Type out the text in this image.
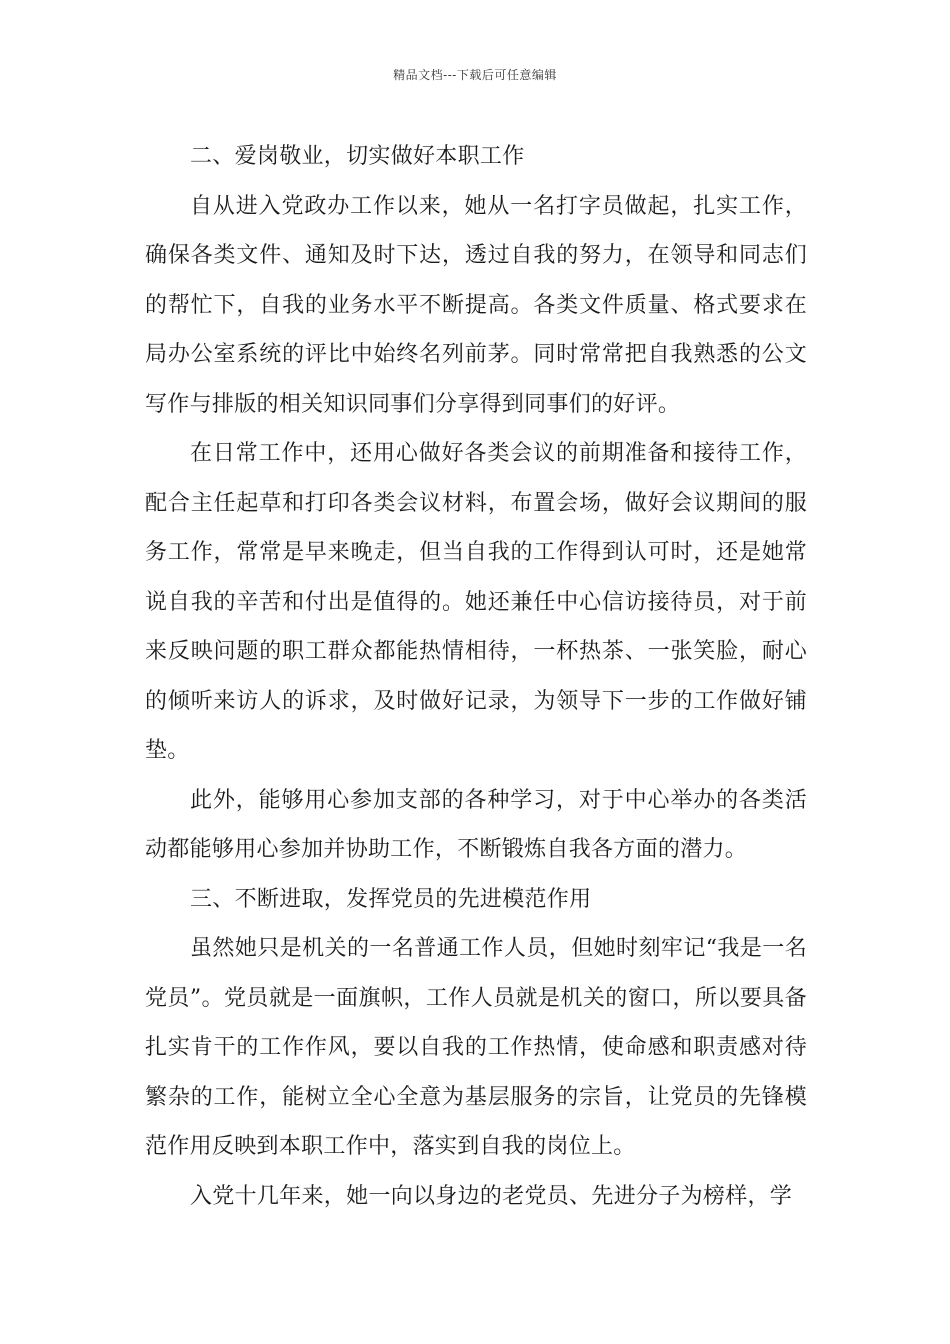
精品文档---下载后可任意编辑

二、爱岗敬业，切实做好本职工作

自从进入党政办工作以来，她从一名打字员做起，扎实工作，确保各类文件、通知及时下达，透过自我的努力，在领导和同志们的帮忙下，自我的业务水平不断提高。各类文件质量、格式要求在局办公室系统的评比中始终名列前茅。同时常常把自我熟悉的公文写作与排版的相关知识同事们分享得到同事们的好评。

在日常工作中，还用心做好各类会议的前期准备和接待工作，配合主任起草和打印各类会议材料，布置会场，做好会议期间的服务工作，常常是早来晚走，但当自我的工作得到认可时，还是她常说自我的辛苦和付出是值得的。她还兼任中心信访接待员，对于前来反映问题的职工群众都能热情相待，一杯热茶、一张笑脸，耐心的倾听来访人的诉求，及时做好记录，为领导下一步的工作做好铺垫。

此外，能够用心参加支部的各种学习，对于中心举办的各类活动都能够用心参加并协助工作，不断锻炼自我各方面的潜力。

三、不断进取，发挥党员的先进模范作用

虽然她只是机关的一名普通工作人员，但她时刻牢记“我是一名党员”。党员就是一面旗帜，工作人员就是机关的窗口，所以要具备扎实肯干的工作作风，要以自我的工作热情，使命感和职责感对待繁杂的工作，能树立全心全意为基层服务的宗旨，让党员的先锋模范作用反映到本职工作中，落实到自我的岗位上。

入党十几年来，她一向以身边的老党员、先进分子为榜样，学
